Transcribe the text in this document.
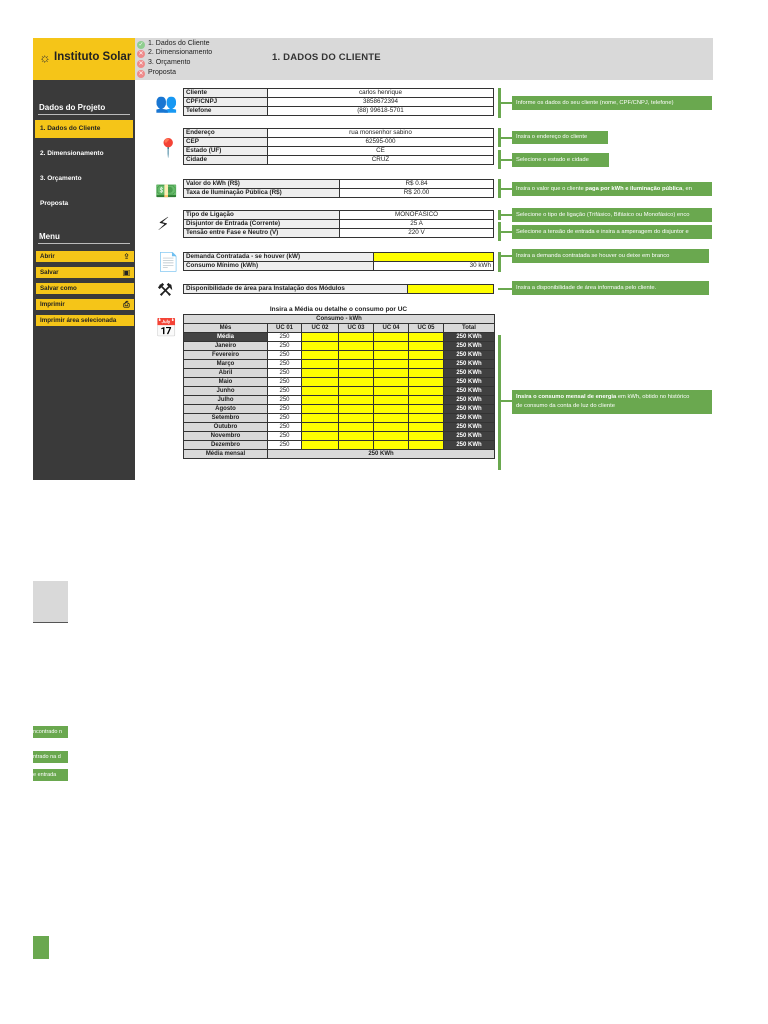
☼ Instituto Solar
✓ 1. Dados do Cliente
✕ 2. Dimensionamento
✕ 3. Orçamento
✕ Proposta
1. DADOS DO CLIENTE
Dados do Projeto
1. Dados do Cliente
2. Dimensionamento
3. Orçamento
Proposta
Menu
Abrir	⇪
Salvar	▣
Salvar como
Imprimir	⎙
Imprimir área selecionada
👥
📍
💵
⚡
📄
⚒
📅
Cliente	carlos henrique
CPF/CNPJ	3858672394
Telefone	(88) 99618-5701
Endereço	rua monsenhor sabino
CEP	62595-000
Estado (UF)	CE
Cidade	CRUZ
Valor do kWh (R$)	R$ 0.84
Taxa de Iluminação Pública (R$)	R$ 20.00
Tipo de Ligação	MONOFÁSICO
Disjuntor de Entrada (Corrente)	25 A
Tensão entre Fase e Neutro (V)	220 V
Demanda Contratada - se houver (kW)	
Consumo Mínimo (kWh)	30 kWh
Disponibilidade de área para Instalação dos Módulos	
Informe os dados do seu cliente (nome, CPF/CNPJ, telefone)
Insira o endereço do cliente
Selecione o estado e cidade
Insira o valor que o cliente paga por kWh e iluminação pública, en
Selecione o tipo de ligação (Trifásico, Bifásico ou Monofásico) enco
Selecione a tensão de entrada e insira a amperagem do disjuntor e
Insira a demanda contratada se houver ou deixe em branco
Insira a disponibilidade de área informada pelo cliente.
Insira o consumo mensal de energia em kWh, obtido no histórico
de consumo da conta de luz do cliente
Insira a Média ou detalhe o consumo por UC
Consumo - kWh						
Mês	UC 01	UC 02	UC 03	UC 04	UC 05	Total
Média	250					250 KWh
Janeiro	250					250 KWh
Fevereiro	250					250 KWh
Março	250					250 KWh
Abril	250					250 KWh
Maio	250					250 KWh
Junho	250					250 KWh
Julho	250					250 KWh
Agosto	250					250 KWh
Setembro	250					250 KWh
Outubro	250					250 KWh
Novembro	250					250 KWh
Dezembro	250					250 KWh
Média mensal	250 KWh					
ncontrado n
ntrado na d
e entrada
